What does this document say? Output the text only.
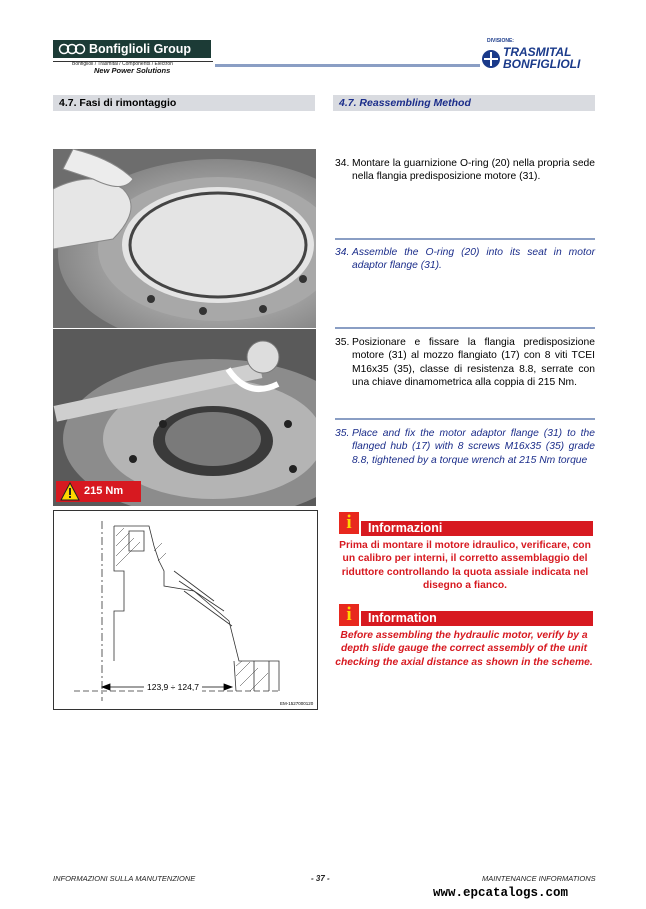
Bonfiglioli Group
Bonfiglioli / Trasmital / Components / Electron
New Power Solutions
DIVISIONE:
TRASMITAL
BONFIGLIOLI
4.7. Fasi di rimontaggio	4.7. Reassembling Method
215 Nm
123,9 ÷ 124,7
EM-1527000120
34. Montare la guarnizione O-ring (20) nella propria sede nella flangia predisposizione motore (31).
34. Assemble the O-ring (20) into its seat in motor adaptor flange (31).
35. Posizionare e fissare la flangia predisposizione motore (31) al mozzo flangiato (17) con 8 viti TCEI M16x35 (35), classe di resistenza 8.8, serrate con una chiave dinamometrica alla coppia di 215 Nm.
35. Place and fix the motor adaptor flange (31) to the flanged hub (17) with 8 screws M16x35 (35) grade 8.8, tightened by a torque wrench at 215 Nm torque
i	Informazioni
Prima di montare il motore idraulico, verificare, con un calibro per interni, il corretto assemblaggio del riduttore controllando la quota assiale indicata nel disegno a fianco.
i	Information
Before assembling the hydraulic motor, verify by a depth slide gauge the correct assembly of the unit checking the axial distance as shown in the scheme.
INFORMAZIONI SULLA MANUTENZIONE	- 37 -	MAINTENANCE INFORMATIONS
www.epcatalogs.com
